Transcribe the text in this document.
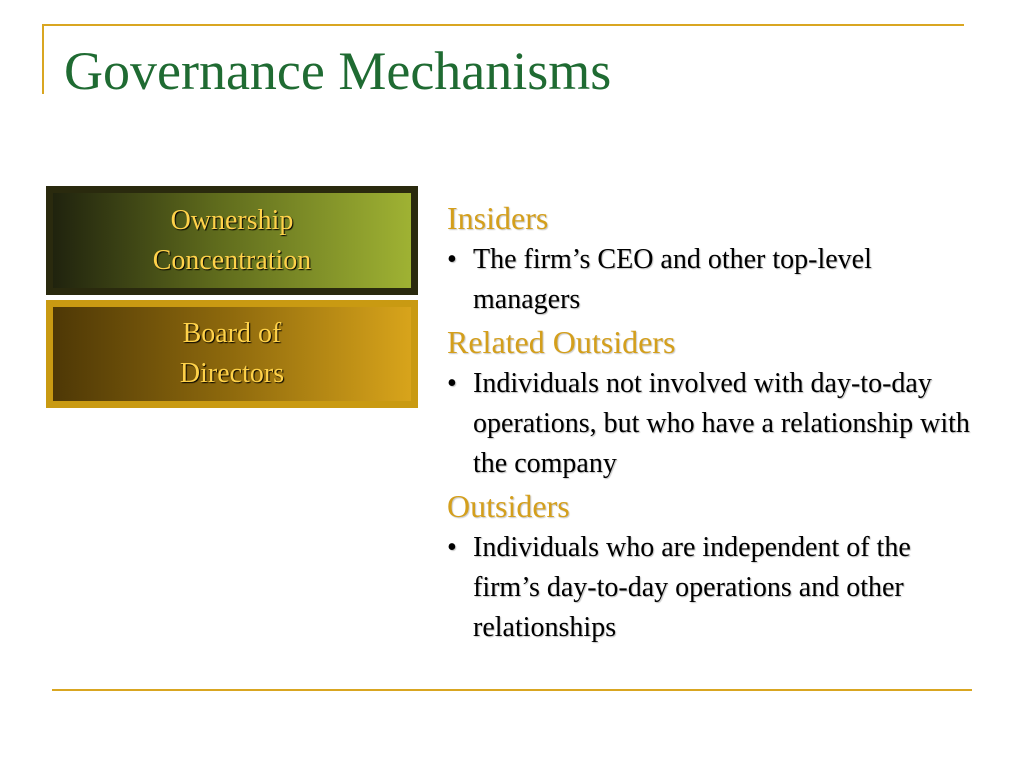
Governance Mechanisms
Ownership
Concentration
Board of
Directors
Insiders
• The firm’s CEO and other top-level managers
Related Outsiders
• Individuals not involved with day-to-day operations, but who have a relationship with the company
Outsiders
• Individuals who are independent of the firm’s day-to-day operations and other relationships
